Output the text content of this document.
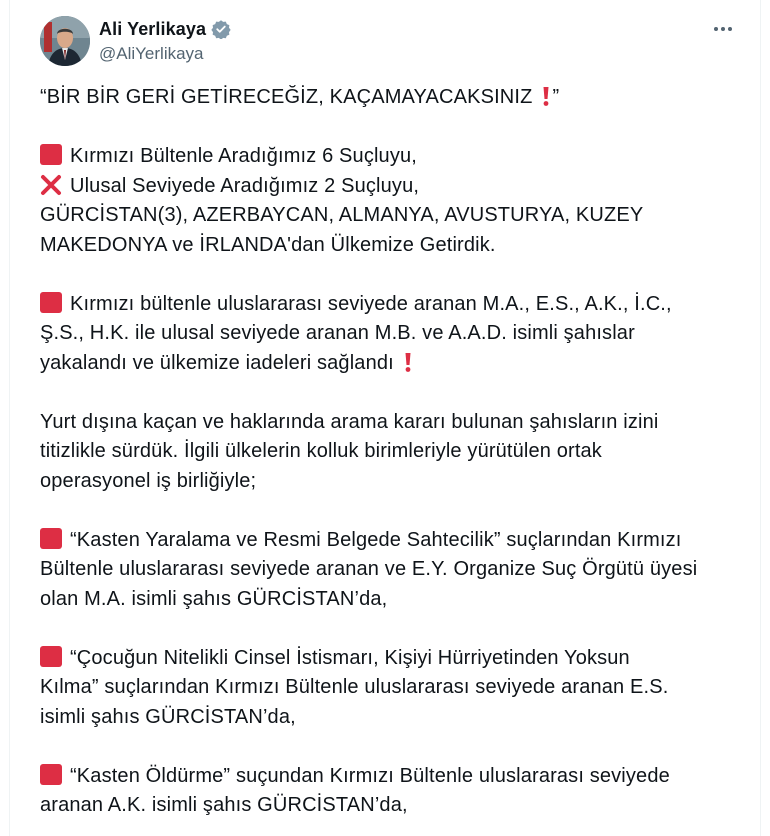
Ali Yerlikaya
@AliYerlikaya
“BİR BİR GERİ GETİRECEĞİZ, KAÇAMAYACAKSINIZ ”
Kırmızı Bültenle Aradığımız 6 Suçluyu,
Ulusal Seviyede Aradığımız 2 Suçluyu,
GÜRCİSTAN(3), AZERBAYCAN, ALMANYA, AVUSTURYA, KUZEY
MAKEDONYA ve İRLANDA'dan Ülkemize Getirdik.
Kırmızı bültenle uluslararası seviyede aranan M.A., E.S., A.K., İ.C.,
Ş.S., H.K. ile ulusal seviyede aranan M.B. ve A.A.D. isimli şahıslar
yakalandı ve ülkemize iadeleri sağlandı
Yurt dışına kaçan ve haklarında arama kararı bulunan şahısların izini
titizlikle sürdük. İlgili ülkelerin kolluk birimleriyle yürütülen ortak
operasyonel iş birliğiyle;
“Kasten Yaralama ve Resmi Belgede Sahtecilik” suçlarından Kırmızı
Bültenle uluslararası seviyede aranan ve E.Y. Organize Suç Örgütü üyesi
olan M.A. isimli şahıs GÜRCİSTAN’da,
“Çocuğun Nitelikli Cinsel İstismarı, Kişiyi Hürriyetinden Yoksun
Kılma” suçlarından Kırmızı Bültenle uluslararası seviyede aranan E.S.
isimli şahıs GÜRCİSTAN’da,
“Kasten Öldürme” suçundan Kırmızı Bültenle uluslararası seviyede
aranan A.K. isimli şahıs GÜRCİSTAN’da,
